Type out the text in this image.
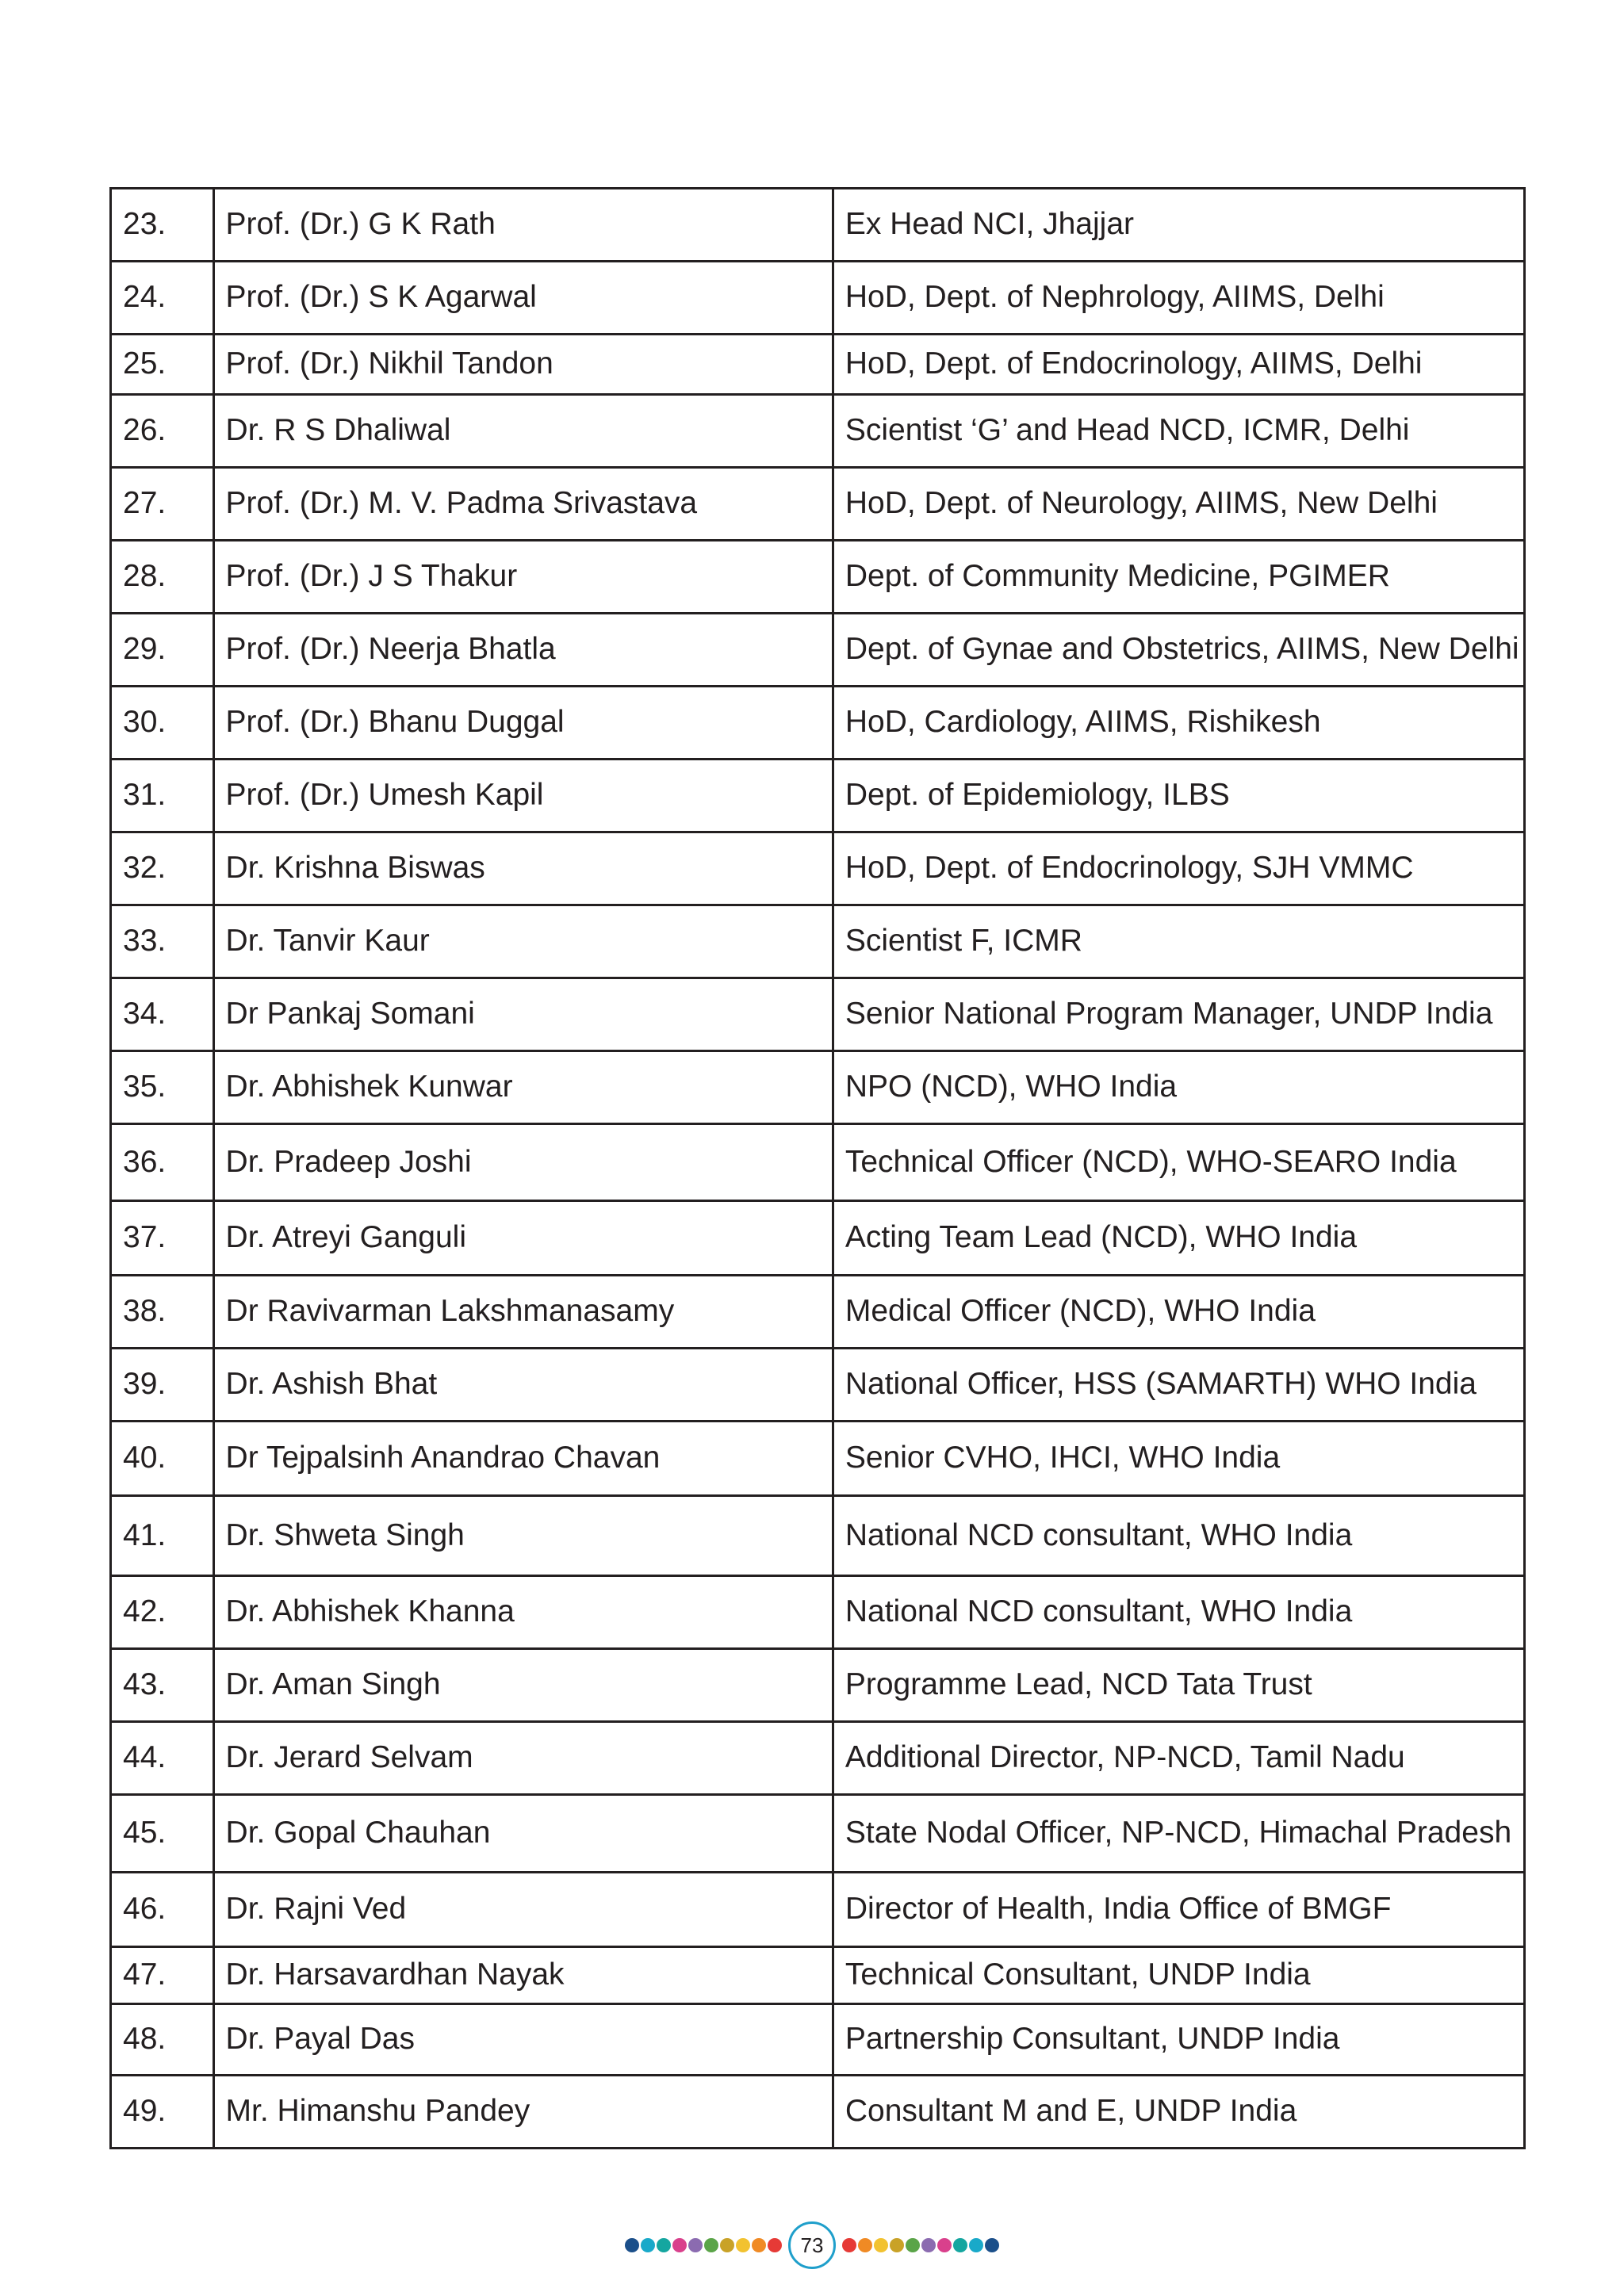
23.	Prof. (Dr.) G K Rath	Ex Head NCI, Jhajjar
24.	Prof. (Dr.) S K Agarwal	HoD, Dept. of Nephrology, AIIMS, Delhi
25.	Prof. (Dr.) Nikhil Tandon	HoD, Dept. of Endocrinology, AIIMS, Delhi
26.	Dr. R S Dhaliwal	Scientist ‘G’ and Head NCD, ICMR, Delhi
27.	Prof. (Dr.) M. V. Padma Srivastava	HoD, Dept. of Neurology, AIIMS, New Delhi
28.	Prof. (Dr.) J S Thakur	Dept. of Community Medicine, PGIMER
29.	Prof. (Dr.) Neerja Bhatla	Dept. of Gynae and Obstetrics, AIIMS, New Delhi
30.	Prof. (Dr.) Bhanu Duggal	HoD, Cardiology, AIIMS, Rishikesh
31.	Prof. (Dr.) Umesh Kapil	Dept. of Epidemiology, ILBS
32.	Dr. Krishna Biswas	HoD, Dept. of Endocrinology, SJH VMMC
33.	Dr. Tanvir Kaur	Scientist F, ICMR
34.	Dr Pankaj Somani	Senior National Program Manager, UNDP India
35.	Dr. Abhishek Kunwar	NPO (NCD), WHO India
36.	Dr. Pradeep Joshi	Technical Officer (NCD), WHO-SEARO India
37.	Dr. Atreyi Ganguli	Acting Team Lead (NCD), WHO India
38.	Dr Ravivarman Lakshmanasamy	Medical Officer (NCD), WHO India
39.	Dr. Ashish Bhat	National Officer, HSS (SAMARTH) WHO India
40.	Dr Tejpalsinh Anandrao Chavan	Senior CVHO, IHCI, WHO India
41.	Dr. Shweta Singh	National NCD consultant, WHO India
42.	Dr. Abhishek Khanna	National NCD consultant, WHO India
43.	Dr. Aman Singh	Programme Lead, NCD Tata Trust
44.	Dr. Jerard Selvam	Additional Director, NP-NCD, Tamil Nadu
45.	Dr. Gopal Chauhan	State Nodal Officer, NP-NCD, Himachal Pradesh
46.	Dr. Rajni Ved	Director of Health, India Office of BMGF
47.	Dr. Harsavardhan Nayak	Technical Consultant, UNDP India
48.	Dr. Payal Das	Partnership Consultant, UNDP India
49.	Mr. Himanshu Pandey	Consultant M and E, UNDP India
73
